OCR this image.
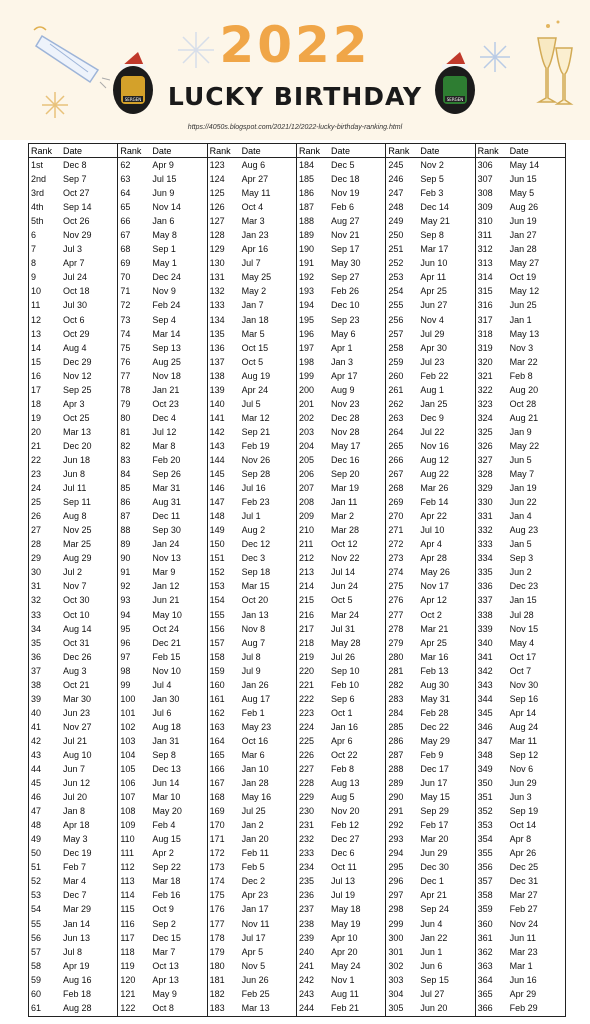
2022
SERGEN	SERGEN
LUCKY BIRTHDAY
https://4050s.blogspot.com/2021/12/2022-lucky-birthday-ranking.html
Rank Date
1st Dec 8
2nd Sep 7
3rd Oct 27
4th Sep 14
5th Oct 26
6	Nov 29
7	Jul 3
8	Apr 7
9	Jul 24
10 Oct 18
11	Jul 30
12 Oct 6
13 Oct 29
14 Aug 4
15 Dec 29
16 Nov 12
17 Sep 25
18 Apr 3
19 Oct 25
20 Mar 13
21 Dec 20
22 Jun 18
23 Jun 8
24 Jul 11
25 Sep 11
26 Aug 8
27 Nov 25
28 Mar 25
29 Aug 29
30 Jul 2
31 Nov 7
32 Oct 30
33 Oct 10
34 Aug 14
35 Oct 31
36 Dec 26
37 Aug 3
38 Oct 21
39 Mar 30
40 Jun 23
41 Nov 27
42 Jul 21
43 Aug 10
44 Jun 7
45 Jun 12
46 Jul 20
47 Jan 8
48 Apr 18
49 May 3
50 Dec 19
51 Feb 7
52 Mar 4
53 Dec 7
54 Mar 29
55 Jan 14
56 Jun 13
57 Jul 8
58 Apr 19
59 Aug 16
60 Feb 18
61 Aug 28
Rank Date
62 Apr 9
63 Jul 15
64 Jun 9
65 Nov 14
66 Jan 6
67 May 8
68 Sep 1
69 May 1
70 Dec 24
71 Nov 9
72 Feb 24
73 Sep 4
74 Mar 14
75 Sep 13
76 Aug 25
77 Nov 18
78 Jan 21
79 Oct 23
80 Dec 4
81 Jul 12
82 Mar 8
83 Feb 20
84 Sep 26
85 Mar 31
86 Aug 31
87 Dec 11
88 Sep 30
89 Jan 24
90 Nov 13
91 Mar 9
92 Jan 12
93 Jun 21
94 May 10
95 Oct 24
96 Dec 21
97 Feb 15
98 Nov 10
99 Jul 4
100 Jan 30
101 Jul 6
102 Aug 18
103 Jan 31
104 Sep 8
105 Dec 13
106 Jun 14
107 Mar 10
108 May 20
109 Feb 4
110 Aug 15
111 Apr 2
112 Sep 22
113 Mar 18
114 Feb 16
115 Oct 9
116 Sep 2
117 Dec 15
118 Mar 7
119 Oct 13
120 Apr 13
121 May 9
122 Oct 8
Rank Date
123 Aug 6
124 Apr 27
125 May 11
126 Oct 4
127 Mar 3
128 Jan 23
129 Apr 16
130 Jul 7
131 May 25
132 May 2
133 Jan 7
134 Jan 18
135 Mar 5
136 Oct 15
137 Oct 5
138 Aug 19
139 Apr 24
140 Jul 5
141 Mar 12
142 Sep 21
143 Feb 19
144 Nov 26
145 Sep 28
146 Jul 16
147 Feb 23
148 Jul 1
149 Aug 2
150 Dec 12
151 Dec 3
152 Sep 18
153 Mar 15
154 Oct 20
155 Jan 13
156 Nov 8
157 Aug 7
158 Jul 8
159 Jul 9
160 Jan 26
161 Aug 17
162 Feb 1
163 May 23
164 Oct 16
165 Mar 6
166 Jan 10
167 Jan 28
168 May 16
169 Jul 25
170 Jan 2
171 Jan 20
172 Feb 11
173 Feb 5
174 Dec 2
175 Apr 23
176 Jan 17
177 Nov 11
178 Jul 17
179 Apr 5
180 Nov 5
181 Jun 26
182 Feb 25
183 Mar 13
Rank Date
184 Dec 5
185 Dec 18
186 Nov 19
187 Feb 6
188 Aug 27
189 Nov 21
190 Sep 17
191 May 30
192 Sep 27
193 Feb 26
194 Dec 10
195 Sep 23
196 May 6
197 Apr 1
198 Jan 3
199 Apr 17
200 Aug 9
201 Nov 23
202 Dec 28
203 Nov 28
204 May 17
205 Dec 16
206 Sep 20
207 Mar 19
208 Jan 11
209 Mar 2
210 Mar 28
211 Oct 12
212 Nov 22
213 Jul 14
214 Jun 24
215 Oct 5
216 Mar 24
217 Jul 31
218 May 28
219 Jul 26
220 Sep 10
221 Feb 10
222 Sep 6
223 Oct 1
224 Jan 16
225 Apr 6
226 Oct 22
227 Feb 8
228 Aug 13
229 Aug 5
230 Nov 20
231 Feb 12
232 Dec 27
233 Dec 6
234 Oct 11
235 Jul 13
236 Jul 19
237 May 18
238 May 19
239 Apr 10
240 Apr 20
241 May 24
242 Nov 1
243 Aug 11
244 Feb 21
Rank Date
245 Nov 2
246 Sep 5
247 Feb 3
248 Dec 14
249 May 21
250 Sep 8
251 Mar 17
252 Jun 10
253 Apr 11
254 Apr 25
255 Jun 27
256 Nov 4
257 Jul 29
258 Apr 30
259 Jul 23
260 Feb 22
261 Aug 1
262 Jan 25
263 Dec 9
264 Jul 22
265 Nov 16
266 Aug 12
267 Aug 22
268 Mar 26
269 Feb 14
270 Apr 22
271 Jul 10
272 Apr 4
273 Apr 28
274 May 26
275 Nov 17
276 Apr 12
277 Oct 2
278 Mar 21
279 Apr 25
280 Mar 16
281 Feb 13
282 Aug 30
283 May 31
284 Feb 28
285 Dec 22
286 May 29
287 Feb 9
288 Dec 17
289 Jun 17
290 May 15
291 Sep 29
292 Feb 17
293 Mar 20
294 Jun 29
295 Dec 30
296 Dec 1
297 Apr 21
298 Sep 24
299 Jun 4
300 Jan 22
301 Jun 1
302 Jun 6
303 Sep 15
304 Jul 27
305 Jun 20
Rank Date
306 May 14
307 Jun 15
308 May 5
309 Aug 26
310 Jun 19
311 Jan 27
312 Jan 28
313 May 27
314 Oct 19
315 May 12
316 Jun 25
317 Jan 1
318 May 13
319 Nov 3
320 Mar 22
321 Feb 8
322 Aug 20
323 Oct 28
324 Aug 21
325 Jan 9
326 May 22
327 Jun 5
328 May 7
329 Jan 19
330 Jun 22
331 Jan 4
332 Aug 23
333 Jan 5
334 Sep 3
335 Jun 2
336 Dec 23
337 Jan 15
338 Jul 28
339 Nov 15
340 May 4
341 Oct 17
342 Oct 7
343 Nov 30
344 Sep 16
345 Apr 14
346 Aug 24
347 Mar 11
348 Sep 12
349 Nov 6
350 Jun 29
351 Jun 3
352 Sep 19
353 Oct 14
354 Apr 8
355 Apr 26
356 Dec 25
357 Dec 31
358 Mar 27
359 Feb 27
360 Nov 24
361 Jun 11
362 Mar 23
363 Mar 1
364 Jun 16
365 Apr 29
366 Feb 29
